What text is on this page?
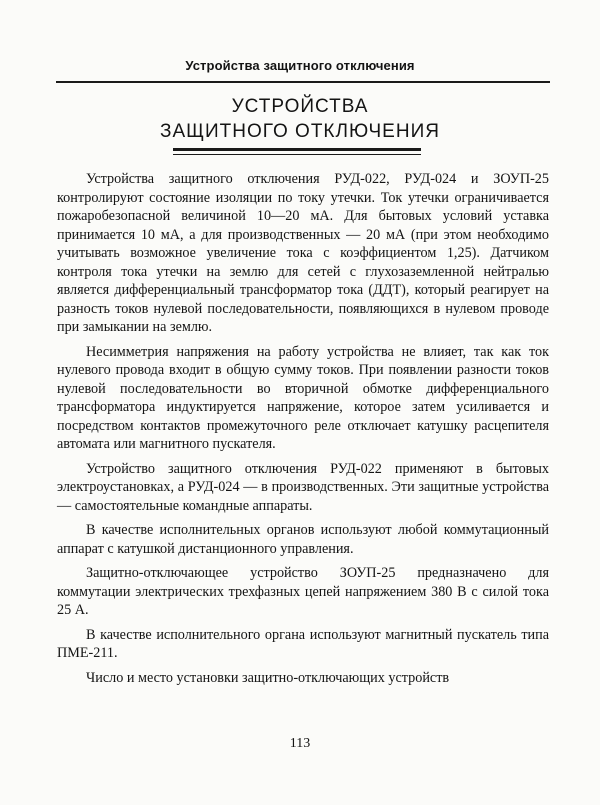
Устройства защитного отключения
УСТРОЙСТВА
ЗАЩИТНОГО ОТКЛЮЧЕНИЯ

Устройства защитного отключения РУД-022, РУД-024 и ЗОУП-25 контролируют состояние изоляции по току утечки. Ток утечки ограничивается пожаробезопасной величиной 10—20 мА. Для бытовых условий уставка принимается 10 мА, а для производственных — 20 мА (при этом необходимо учитывать возможное увеличение тока с коэффициентом 1,25). Датчиком контроля тока утечки на землю для сетей с глухозаземленной нейтралью является дифференциальный трансформатор тока (ДДТ), который реагирует на разность токов нулевой последовательности, появляющихся в нулевом проводе при замыкании на землю.

Несимметрия напряжения на работу устройства не влияет, так как ток нулевого провода входит в общую сумму токов. При появлении разности токов нулевой последовательности во вторичной обмотке дифференциального трансформатора индуктируется напряжение, которое затем усиливается и посредством контактов промежуточного реле отключает катушку расцепителя автомата или магнитного пускателя.

Устройство защитного отключения РУД-022 применяют в бытовых электроустановках, а РУД-024 — в производственных. Эти защитные устройства — самостоятельные командные аппараты.

В качестве исполнительных органов используют любой коммутационный аппарат с катушкой дистанционного управления.

Защитно-отключающее устройство ЗОУП-25 предназначено для коммутации электрических трехфазных цепей напряжением 380 В с силой тока 25 А.

В качестве исполнительного органа используют магнитный пускатель типа ПМЕ-211.

Число и место установки защитно-отключающих устройств

113
